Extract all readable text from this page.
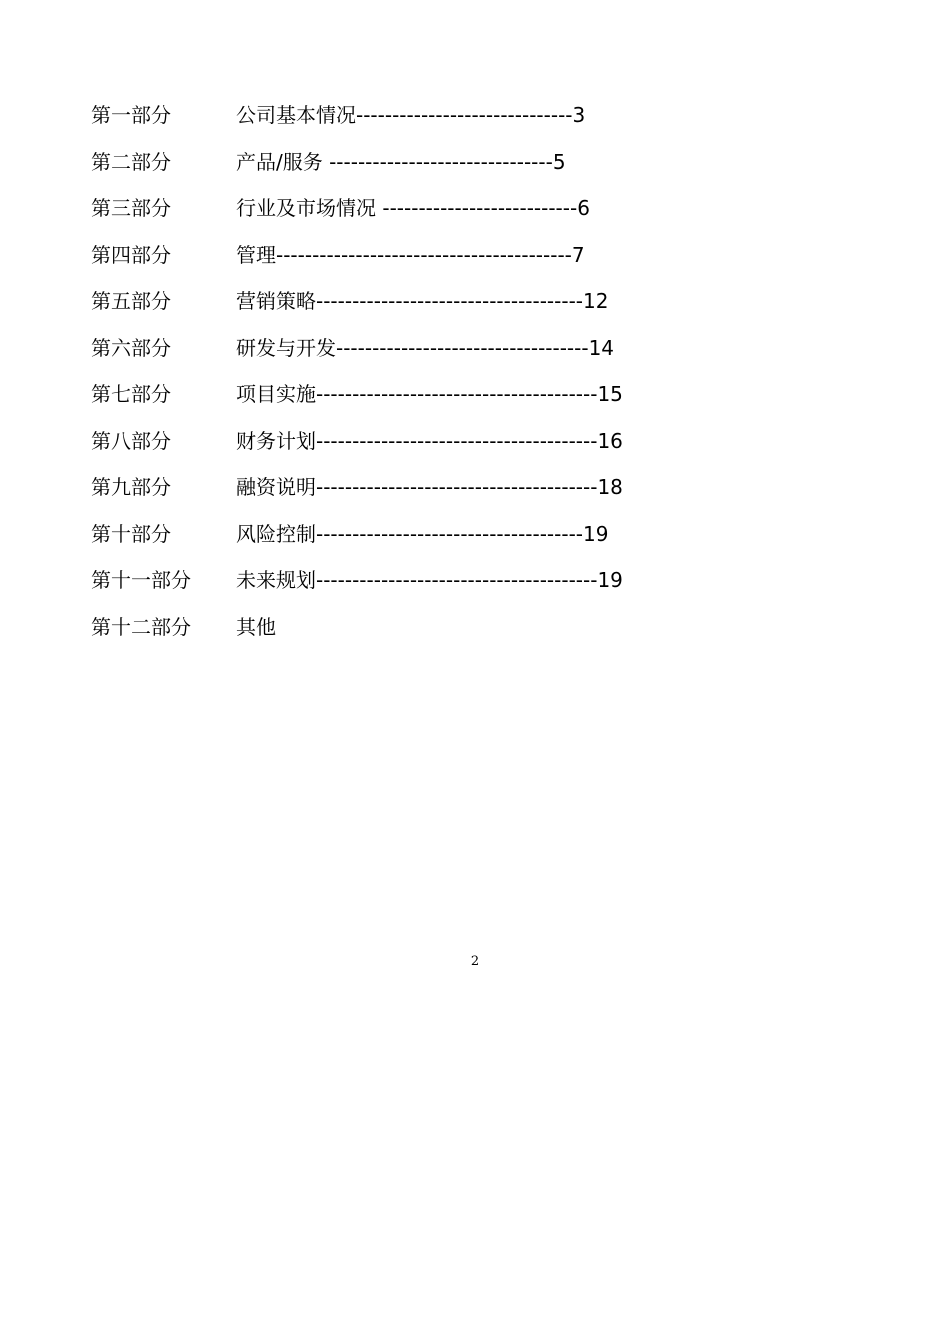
第一部分	公司基本情况------------------------------3
第二部分	产品/服务 -------------------------------5
第三部分	行业及市场情况 ---------------------------6
第四部分	管理-----------------------------------------7
第五部分	营销策略-------------------------------------12
第六部分	研发与开发-----------------------------------14
第七部分	项目实施---------------------------------------15
第八部分	财务计划---------------------------------------16
第九部分	融资说明---------------------------------------18
第十部分	风险控制-------------------------------------19
第十一部分 未来规划---------------------------------------19
第十二部分 其他
2
